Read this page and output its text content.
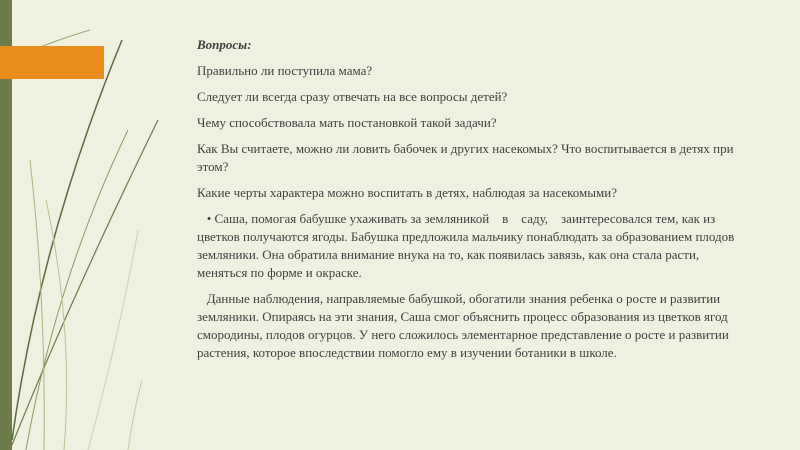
Вопросы:
Правильно ли поступила мама?
Следует ли всегда сразу отвечать на все вопросы детей?
Чему способствовала мать постановкой такой задачи?
Как Вы считаете, можно ли ловить бабочек и других насекомых? Что воспитывается в детях при этом?
Какие черты характера можно воспитать в детях, наблюдая за насекомыми?
• Саша, помогая бабушке ухаживать за земляникой    в    саду,    заинтересовался тем, как из цветков получаются ягоды. Бабушка предложила мальчику понаблюдать за образованием плодов земляники. Она обратила внимание внука на то, как появилась завязь, как она стала расти, меняться по форме и окраске.
Данные наблюдения, направляемые бабушкой, обогатили знания ребенка о росте и развитии земляники. Опираясь на эти знания, Саша смог объяснить процесс образования из цветков ягод смородины, плодов огурцов. У него сложилось элементарное представление о росте и развитии растения, которое впоследствии помогло ему в изучении ботаники в школе.
